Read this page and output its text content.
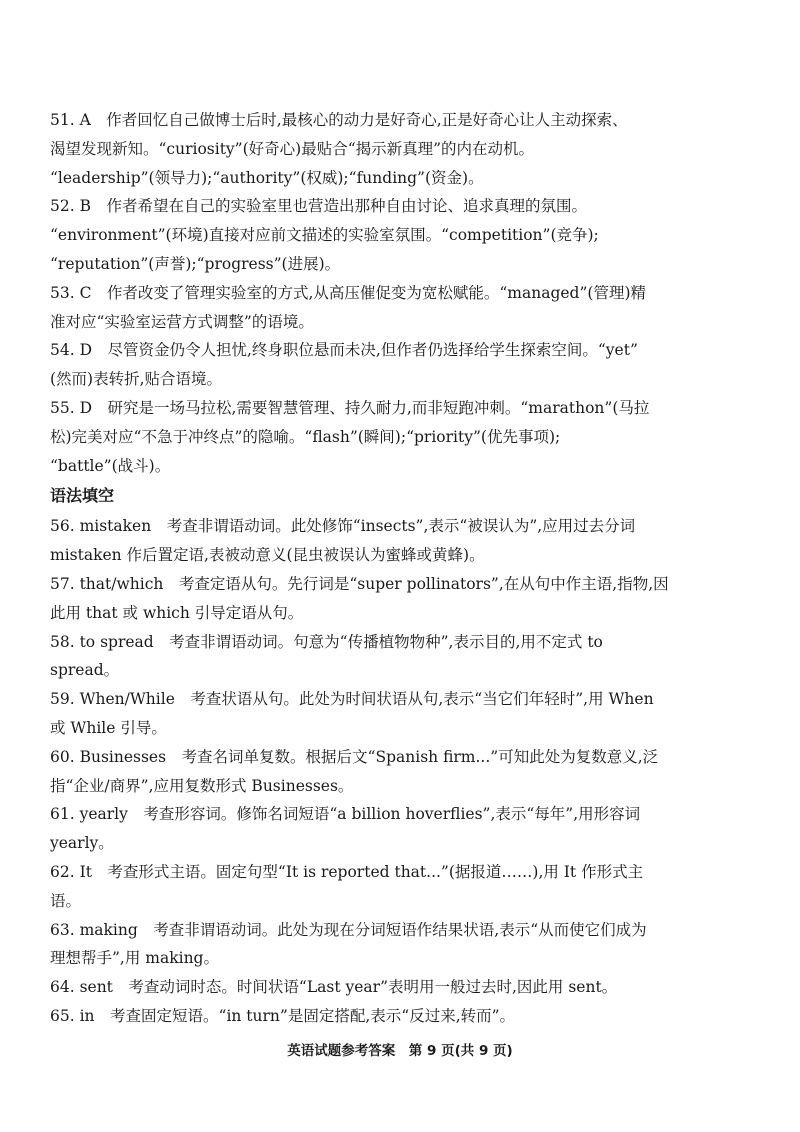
51. A　作者回忆自己做博士后时,最核心的动力是好奇心,正是好奇心让人主动探索、
渴望发现新知。“curiosity”(好奇心)最贴合“揭示新真理”的内在动机。
“leadership”(领导力);“authority”(权威);“funding”(资金)。
52. B　作者希望在自己的实验室里也营造出那种自由讨论、追求真理的氛围。
“environment”(环境)直接对应前文描述的实验室氛围。“competition”(竞争);
“reputation”(声誉);“progress”(进展)。
53. C　作者改变了管理实验室的方式,从高压催促变为宽松赋能。“managed”(管理)精
准对应“实验室运营方式调整”的语境。
54. D　尽管资金仍令人担忧,终身职位悬而未决,但作者仍选择给学生探索空间。“yet”
(然而)表转折,贴合语境。
55. D　研究是一场马拉松,需要智慧管理、持久耐力,而非短跑冲刺。“marathon”(马拉
松)完美对应“不急于冲终点”的隐喻。“flash”(瞬间);“priority”(优先事项);
“battle”(战斗)。
语法填空
56. mistaken　考查非谓语动词。此处修饰“insects”,表示“被误认为”,应用过去分词
mistaken 作后置定语,表被动意义(昆虫被误认为蜜蜂或黄蜂)。
57. that/which　考查定语从句。先行词是“super pollinators”,在从句中作主语,指物,因
此用 that 或 which 引导定语从句。
58. to spread　考查非谓语动词。句意为“传播植物物种”,表示目的,用不定式 to
spread。
59. When/While　考查状语从句。此处为时间状语从句,表示“当它们年轻时”,用 When
或 While 引导。
60. Businesses　考查名词单复数。根据后文“Spanish firm...”可知此处为复数意义,泛
指“企业/商界”,应用复数形式 Businesses。
61. yearly　考查形容词。修饰名词短语“a billion hoverflies”,表示“每年”,用形容词
yearly。
62. It　考查形式主语。固定句型“It is reported that...”(据报道……),用 It 作形式主
语。
63. making　考查非谓语动词。此处为现在分词短语作结果状语,表示“从而使它们成为
理想帮手”,用 making。
64. sent　考查动词时态。时间状语“Last year”表明用一般过去时,因此用 sent。
65. in　考查固定短语。“in turn”是固定搭配,表示“反过来,转而”。
英语试题参考答案　第 9 页(共 9 页)
